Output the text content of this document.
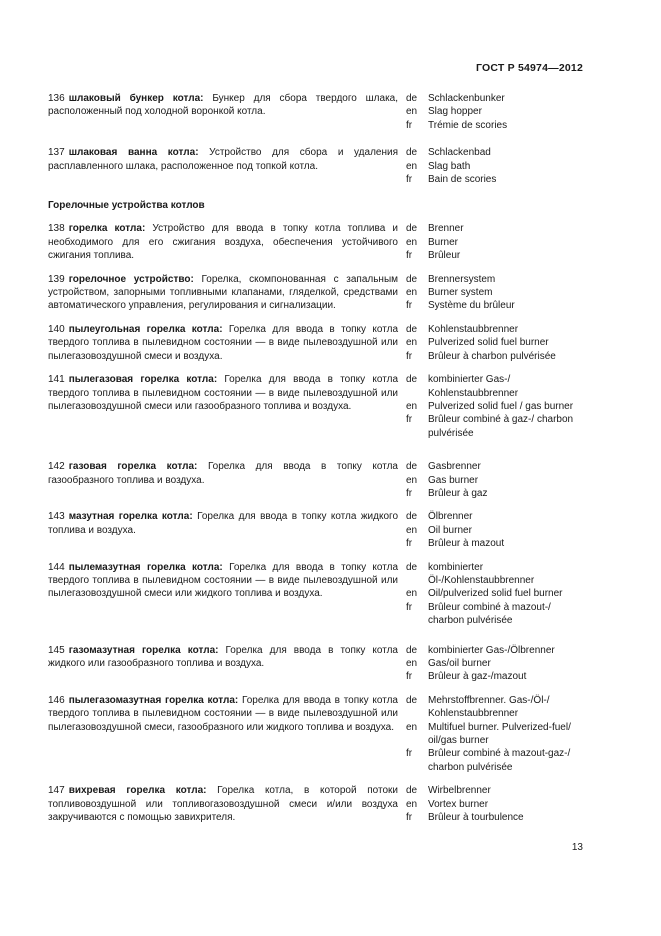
ГОСТ Р 54974—2012
136 шлаковый бункер котла: Бункер для сбора твердого шлака, расположенный под холодной воронкой котла.
de	Schlackenbunker
en	Slag hopper
fr	Trémie de scories
137 шлаковая ванна котла: Устройство для сбора и удаления расплавленного шлака, расположенное под топкой котла.
de	Schlackenbad
en	Slag bath
fr	Bain de scories
Горелочные устройства котлов
138 горелка котла: Устройство для ввода в топку котла топлива и необходимого для его сжигания воздуха, обеспечения устойчивого сжигания топлива.
de	Brenner
en	Burner
fr	Brûleur
139 горелочное устройство: Горелка, скомпонованная с запальным устройством, запорными топливными клапанами, гляделкой, средствами автоматического управления, регулирования и сигнализации.
de	Brennersystem
en	Burner system
fr	Système du brûleur
140 пылеугольная горелка котла: Горелка для ввода в топку котла твердого топлива в пылевидном состоянии — в виде пылевоздушной или пылегазовоздушной смеси и воздуха.
de	Kohlenstaubbrenner
en	Pulverized solid fuel burner
fr	Brûleur à charbon pulvérisée
141 пылегазовая горелка котла: Горелка для ввода в топку котла твердого топлива в пылевидном состоянии — в виде пылевоздушной или пылегазовоздушной смеси или газообразного топлива и воздуха.
de	kombinierter Gas-/ Kohlenstaubbrenner
en	Pulverized solid fuel / gas burner
fr	Brûleur combiné à gaz-/ charbon pulvérisée
142 газовая горелка котла: Горелка для ввода в топку котла газообразного топлива и воздуха.
de	Gasbrenner
en	Gas burner
fr	Brûleur à gaz
143 мазутная горелка котла: Горелка для ввода в топку котла жидкого топлива и воздуха.
de	Ölbrenner
en	Oil burner
fr	Brûleur à mazout
144 пылемазутная горелка котла: Горелка для ввода в топку котла твердого топлива в пылевидном состоянии — в виде пылевоздушной или пылегазовоздушной смеси или жидкого топлива и воздуха.
de	kombinierter Öl-/Kohlenstaubbrenner
en	Oil/pulverized solid fuel burner
fr	Brûleur combiné à mazout-/ charbon pulvérisée
145 газомазутная горелка котла: Горелка для ввода в топку котла жидкого или газообразного топлива и воздуха.
de	kombinierter Gas-/Ölbrenner
en	Gas/oil burner
fr	Brûleur à gaz-/mazout
146 пылегазомазутная горелка котла: Горелка для ввода в топку котла твердого топлива в пылевидном состоянии — в виде пылевоздушной или пылегазовоздушной смеси, газообразного или жидкого топлива и воздуха.
de	Mehrstoffbrenner. Gas-/Öl-/ Kohlenstaubbrenner
en	Multifuel burner. Pulverized-fuel/ oil/gas burner
fr	Brûleur combiné à mazout-gaz-/ charbon pulvérisée
147 вихревая горелка котла: Горелка котла, в которой потоки топливовоздушной или топливогазовоздушной смеси и/или воздуха закручиваются с помощью завихрителя.
de	Wirbelbrenner
en	Vortex burner
fr	Brûleur à tourbulence
13
